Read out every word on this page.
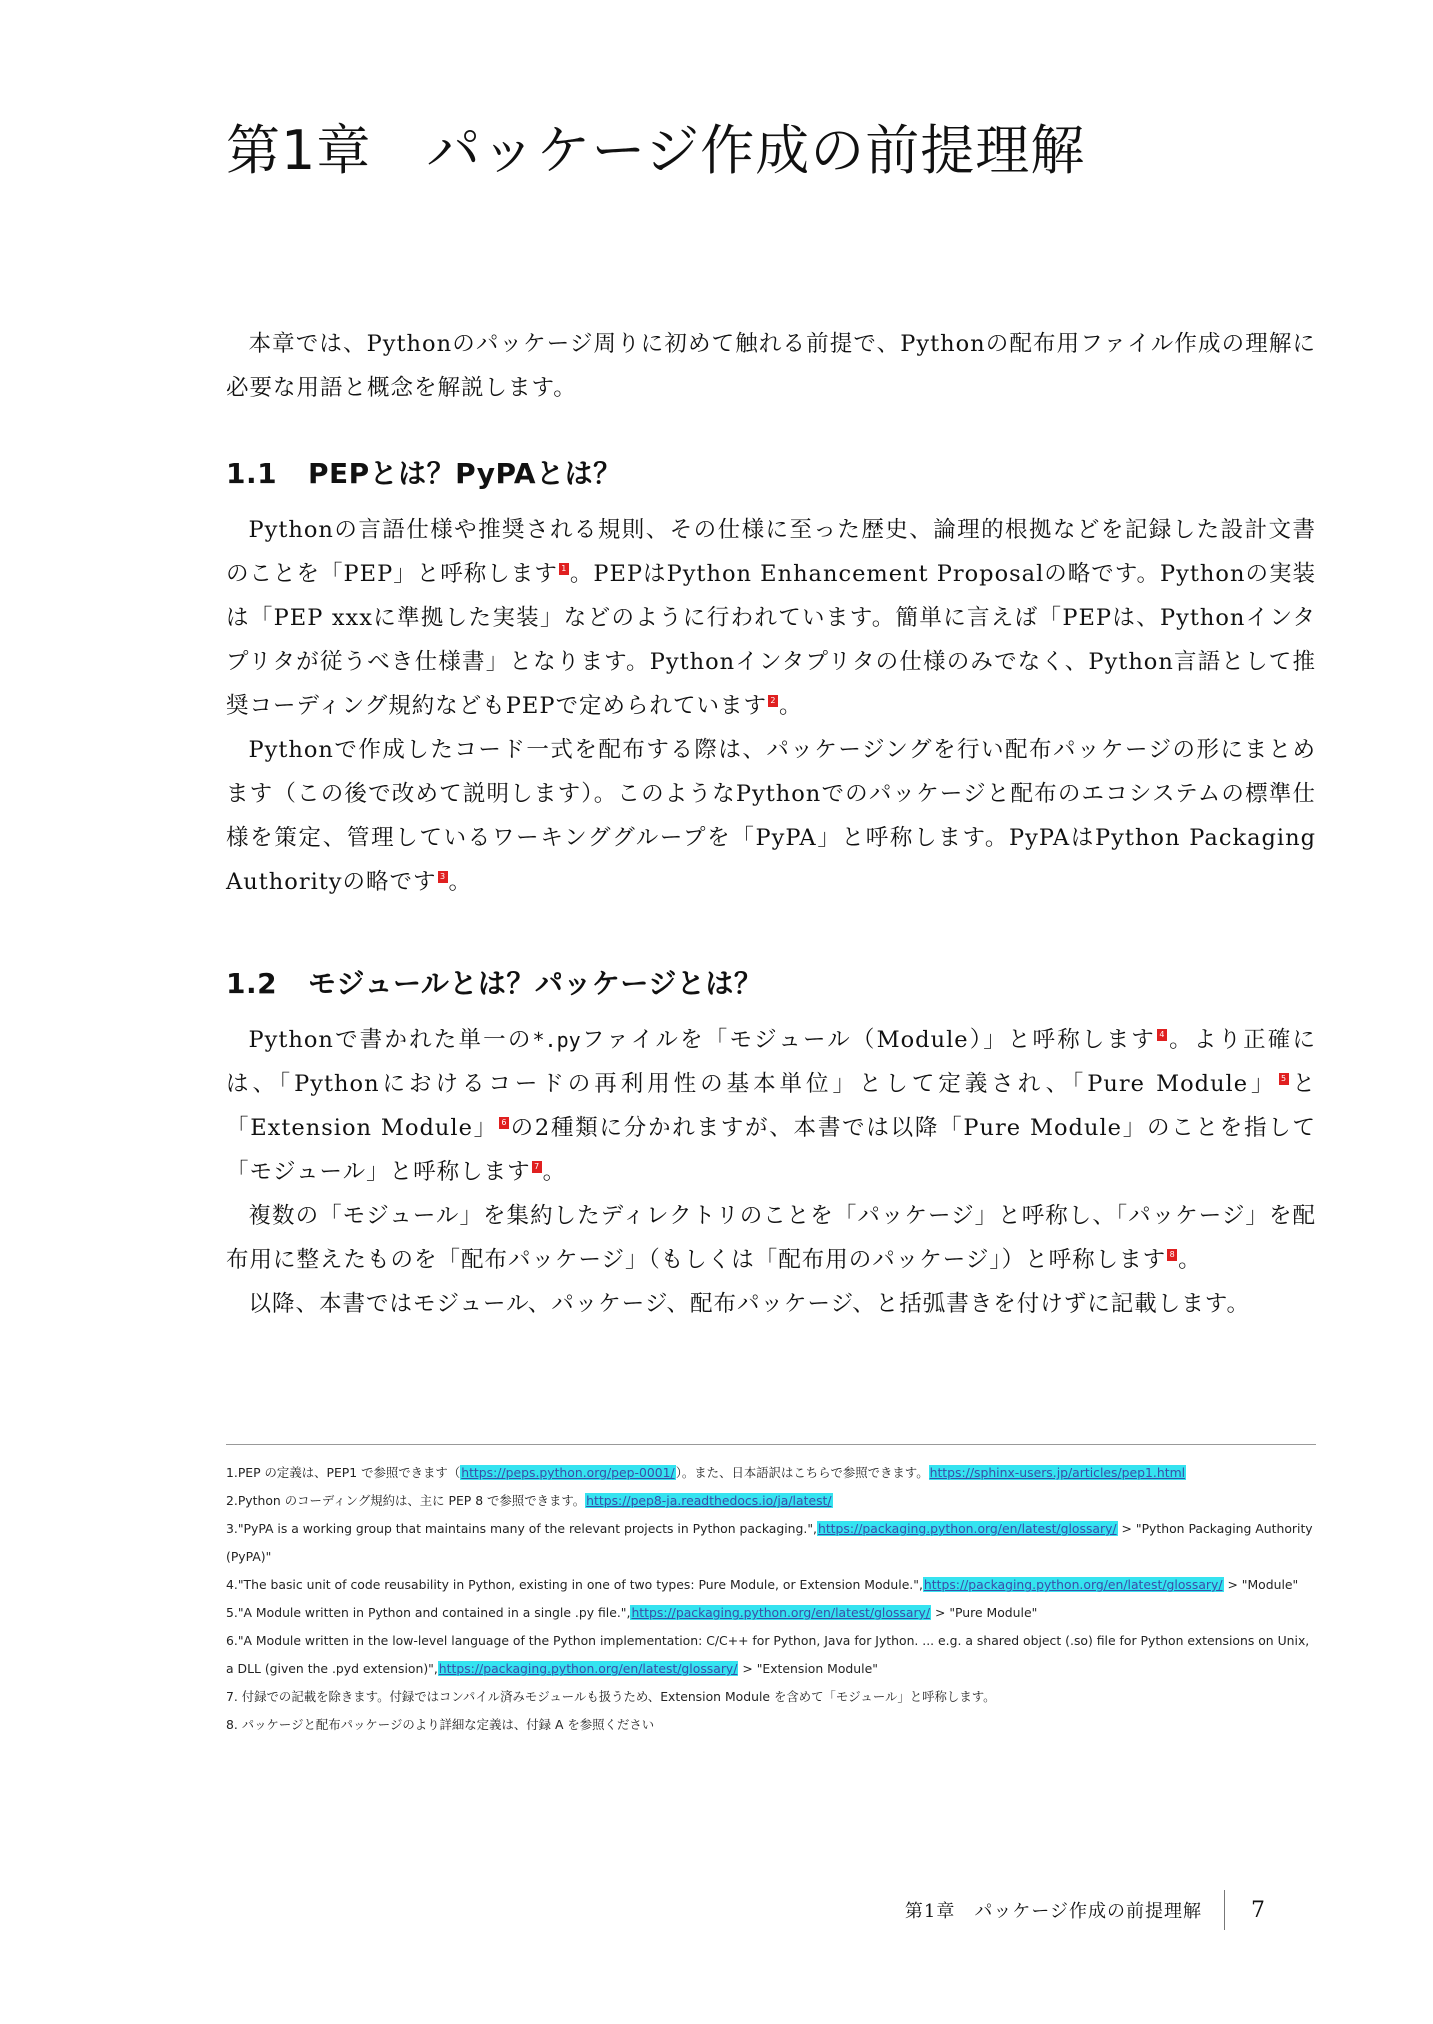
第1章　パッケージ作成の前提理解

本章では、Pythonのパッケージ周りに初めて触れる前提で、Pythonの配布用ファイル作成の理解に必要な用語と概念を解説します。

1.1 PEPとは？PyPAとは？

Pythonの言語仕様や推奨される規則、その仕様に至った歴史、論理的根拠などを記録した設計文書のことを「PEP」と呼称します 1 。PEPはPython Enhancement Proposalの略です。Pythonの実装は「PEP xxxに準拠した実装」などのように行われています。簡単に言えば「PEPは、Pythonインタプリタが従うべき仕様書」となります。Pythonインタプリタの仕様のみでなく、Python言語として推奨コーディング規約などもPEPで定められています 2 。

Pythonで作成したコード一式を配布する際は、パッケージングを行い配布パッケージの形にまとめます（この後で改めて説明します）。このようなPythonでのパッケージと配布のエコシステムの標準仕様を策定、管理しているワーキンググループを「PyPA」と呼称します。PyPAはPython Packaging Authorityの略です 3 。

1.2 モジュールとは？パッケージとは？

Pythonで書かれた単一の*.pyファイルを「モジュール（Module）」と呼称します 4 。より正確には、「Pythonにおけるコードの再利用性の基本単位」として定義され、「Pure Module」 5 と「Extension Module」 6 の2種類に分かれますが、本書では以降「Pure Module」のことを指して「モジュール」と呼称します 7 。

複数の「モジュール」を集約したディレクトリのことを「パッケージ」と呼称し、「パッケージ」を配布用に整えたものを「配布パッケージ」（もしくは「配布用のパッケージ」）と呼称します 8 。

以降、本書ではモジュール、パッケージ、配布パッケージ、と括弧書きを付けずに記載します。

1.PEP の定義は、PEP1 で参照できます（https://peps.python.org/pep-0001/）。また、日本語訳はこちらで参照できます。https://sphinx-users.jp/articles/pep1.html

2.Python のコーディング規約は、主に PEP 8 で参照できます。https://pep8-ja.readthedocs.io/ja/latest/

3."PyPA is a working group that maintains many of the relevant projects in Python packaging.",https://packaging.python.org/en/latest/glossary/ > "Python Packaging Authority (PyPA)"

4."The basic unit of code reusability in Python, existing in one of two types: Pure Module, or Extension Module.",https://packaging.python.org/en/latest/glossary/ > "Module"

5."A Module written in Python and contained in a single .py file.",https://packaging.python.org/en/latest/glossary/ > "Pure Module"

6."A Module written in the low-level language of the Python implementation: C/C++ for Python, Java for Jython. ... e.g. a shared object (.so) file for Python extensions on Unix, a DLL (given the .pyd extension)",https://packaging.python.org/en/latest/glossary/ > "Extension Module"

7. 付録での記載を除きます。付録ではコンパイル済みモジュールも扱うため、Extension Module を含めて「モジュール」と呼称します。

8. パッケージと配布パッケージのより詳細な定義は、付録 A を参照ください

第1章　パッケージ作成の前提理解 7
